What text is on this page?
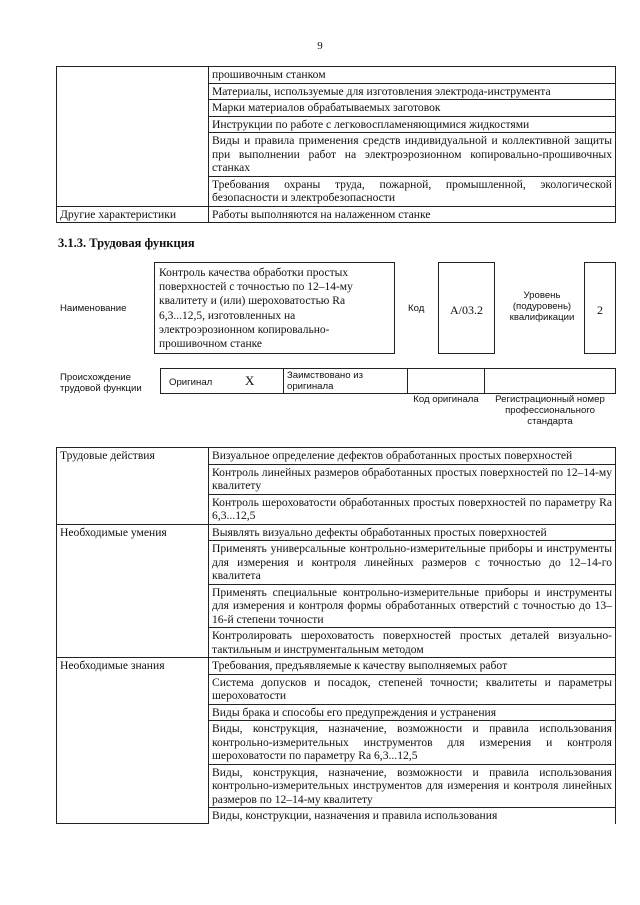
9
	прошивочным станком
	Материалы, используемые для изготовления электрода-инструмента
	Марки материалов обрабатываемых заготовок
	Инструкции по работе с легковоспламеняющимися жидкостями
	Виды и правила применения средств индивидуальной и коллективной защиты при выполнении работ на электроэрозионном копировально-прошивочных станках
	Требования охраны труда, пожарной, промышленной, экологической безопасности и электробезопасности
Другие характеристики	Работы выполняются на налаженном станке
3.1.3. Трудовая функция
Наименование
Контроль качества обработки простых поверхностей с точностью по 12–14-му квалитету и (или) шероховатостью Ra 6,3...12,5, изготовленных на электроэрозионном копировально-прошивочном станке
Код	А/03.2
Уровень (подуровень) квалификации
2
Происхождение трудовой функции
Оригинал	X	Заимствовано из оригинала
Код оригинала	Регистрационный номер профессионального стандарта
Трудовые действия	Визуальное определение дефектов обработанных простых поверхностей
	Контроль линейных размеров обработанных простых поверхностей по 12–14-му квалитету
	Контроль шероховатости обработанных простых поверхностей по параметру Ra 6,3...12,5
Необходимые умения	Выявлять визуально дефекты обработанных простых поверхностей
	Применять универсальные контрольно-измерительные приборы и инструменты для измерения и контроля линейных размеров с точностью до 12–14-го квалитета
	Применять специальные контрольно-измерительные приборы и инструменты для измерения и контроля формы обработанных отверстий с точностью до 13–16-й степени точности
	Контролировать шероховатость поверхностей простых деталей визуально-тактильным и инструментальным методом
Необходимые знания	Требования, предъявляемые к качеству выполняемых работ
	Система допусков и посадок, степеней точности; квалитеты и параметры шероховатости
	Виды брака и способы его предупреждения и устранения
	Виды, конструкция, назначение, возможности и правила использования контрольно-измерительных инструментов для измерения и контроля шероховатости по параметру Ra 6,3...12,5
	Виды, конструкция, назначение, возможности и правила использования контрольно-измерительных инструментов для измерения и контроля линейных размеров по 12–14-му квалитету
	Виды, конструкции, назначения и правила использования
